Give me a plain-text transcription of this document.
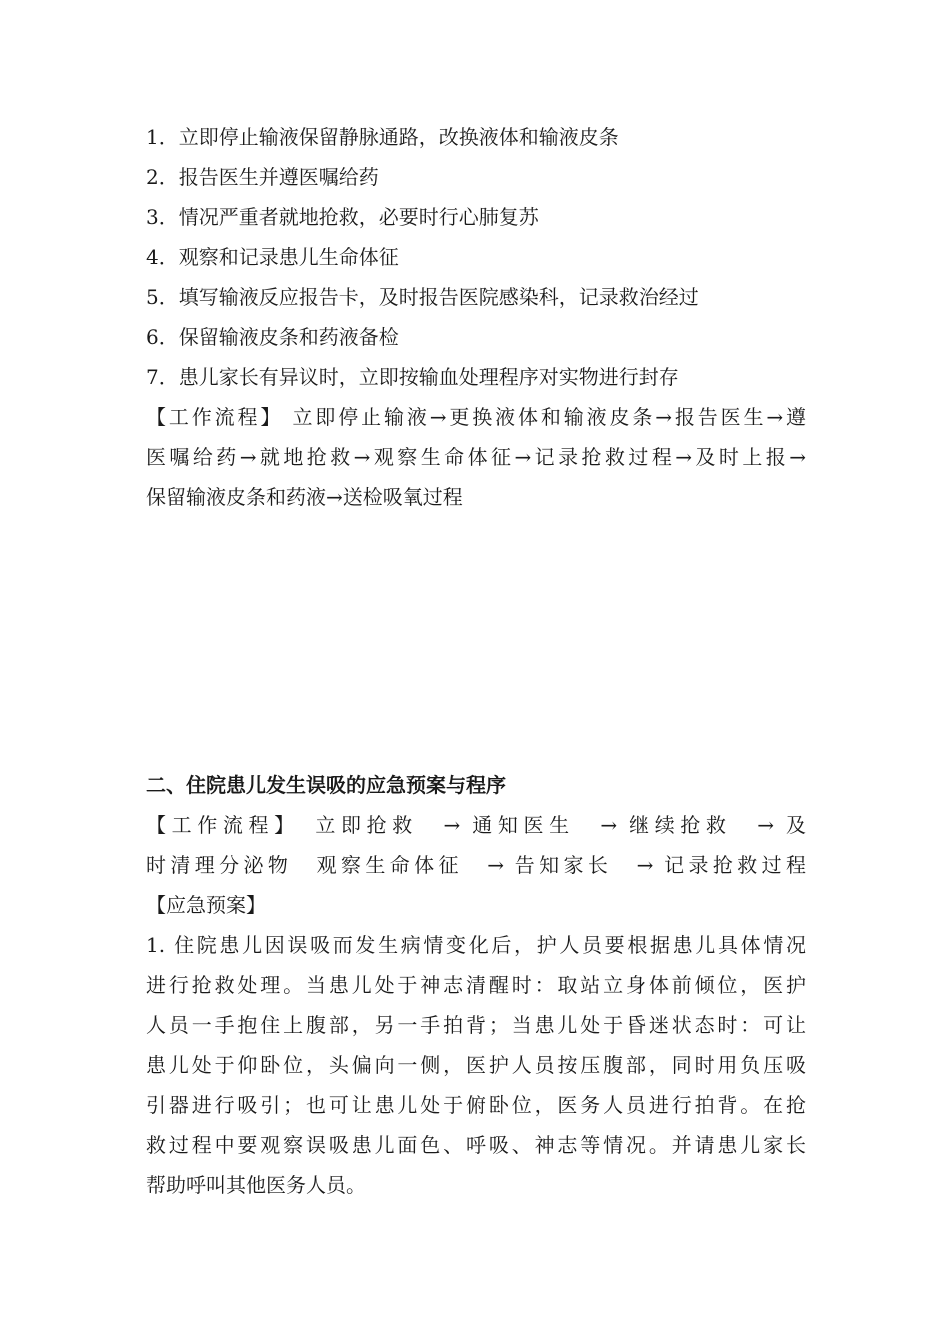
1．立即停止输液保留静脉通路，改换液体和输液皮条
2．报告医生并遵医嘱给药
3．情况严重者就地抢救，必要时行心肺复苏
4．观察和记录患儿生命体征
5．填写输液反应报告卡，及时报告医院感染科，记录救治经过
6．保留输液皮条和药液备检
7．患儿家长有异议时，立即按输血处理程序对实物进行封存
【工作流程】 立即停止输液→更换液体和输液皮条→报告医生→遵
医嘱给药→就地抢救→观察生命体征→记录抢救过程→及时上报→
保留输液皮条和药液→送检吸氧过程
二、住院患儿发生误吸的应急预案与程序
【工作流程】　立即抢救　→ 通知医生　→ 继续抢救　→ 及
时清理分泌物　观察生命体征　→ 告知家长　→ 记录抢救过程
【应急预案】
1. 住院患儿因误吸而发生病情变化后，护人员要根据患儿具体情况
进行抢救处理。当患儿处于神志清醒时：取站立身体前倾位，医护
人员一手抱住上腹部，另一手拍背；当患儿处于昏迷状态时：可让
患儿处于仰卧位，头偏向一侧，医护人员按压腹部，同时用负压吸
引器进行吸引；也可让患儿处于俯卧位，医务人员进行拍背。在抢
救过程中要观察误吸患儿面色、呼吸、神志等情况。并请患儿家长
帮助呼叫其他医务人员。
